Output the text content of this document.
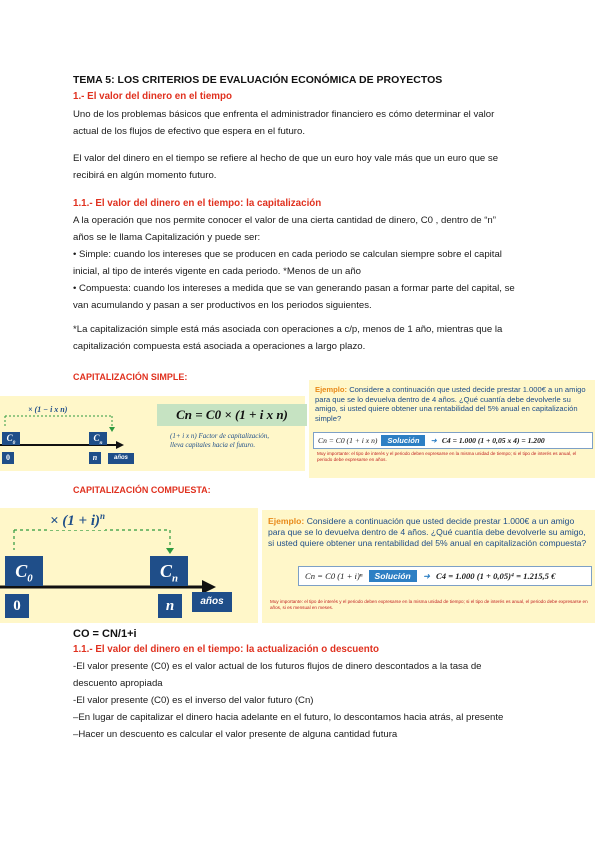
TEMA 5: LOS CRITERIOS DE EVALUACIÓN ECONÓMICA DE PROYECTOS
1.- El valor del dinero en el tiempo
Uno de los problemas básicos que enfrenta el administrador financiero es cómo determinar el valor
actual de los flujos de efectivo que espera en el futuro.
El valor del dinero en el tiempo se refiere al hecho de que un euro hoy vale más que un euro que se
recibirá en algún momento futuro.
1.1.- El valor del dinero en el tiempo: la capitalización
A la operación que nos permite conocer el valor de una cierta cantidad de dinero, C0 , dentro de “n”
años se le llama Capitalización y puede ser:
• Simple: cuando los intereses que se producen en cada periodo se calculan siempre sobre el capital
inicial, al tipo de interés vigente en cada periodo. *Menos de un año
• Compuesta: cuando los intereses a medida que se van generando pasan a formar parte del capital, se
van acumulando y pasan a ser productivos en los periodos siguientes.
*La capitalización simple está más asociada con operaciones a c/p, menos de 1 año, mientras que la
capitalización compuesta está asociada a operaciones a largo plazo.
CAPITALIZACIÓN SIMPLE:
× (1 − i x n)
$C_0$	$C_n$
0	n	años
Cn = C0 × (1 + i x n)
(1+ i x n) Factor de capitalización,
lleva capitales hacia el futuro.
Ejemplo: Considere a continuación que usted decide prestar 1.000€ a un amigo para que se lo devuelva dentro de 4 años. ¿Qué cuantía debe devolverle su amigo, si usted quiere obtener una rentabilidad del 5% anual en capitalización simple?
Cn = C0 (1 + i x n)	Solución	➜ C4 = 1.000 (1 + 0,05 x 4) = 1.200
Muy importante: el tipo de interés y el periodo deben expresarse en la misma unidad de tiempo; si el tipo de interés es anual, el periodo debe expresarse en años.
CAPITALIZACIÓN COMPUESTA:
× $(1 + i)^n$
$C_0$	$C_n$
0	n	años
Ejemplo: Considere a continuación que usted decide prestar 1.000€ a un amigo para que se lo devuelva dentro de 4 años. ¿Qué cuantía debe devolverle su amigo, si usted quiere obtener una rentabilidad del 5% anual en capitalización compuesta?
Cn = C0 (1 + i)ⁿ	Solución	➜ C4 = 1.000 (1 + 0,05)⁴ = 1.215,5 €
Muy importante: el tipo de interés y el periodo deben expresarse en la misma unidad de tiempo; si el tipo de interés es anual, el periodo debe expresarse en años, si es mensual en meses.
CO = CN/1+i
1.1.- El valor del dinero en el tiempo: la actualización o descuento
-El valor presente (C0) es el valor actual de los futuros flujos de dinero descontados a la tasa de
descuento apropiada
-El valor presente (C0) es el inverso del valor futuro (Cn)
–En lugar de capitalizar el dinero hacia adelante en el futuro, lo descontamos hacia atrás, al presente
–Hacer un descuento es calcular el valor presente de alguna cantidad futura
